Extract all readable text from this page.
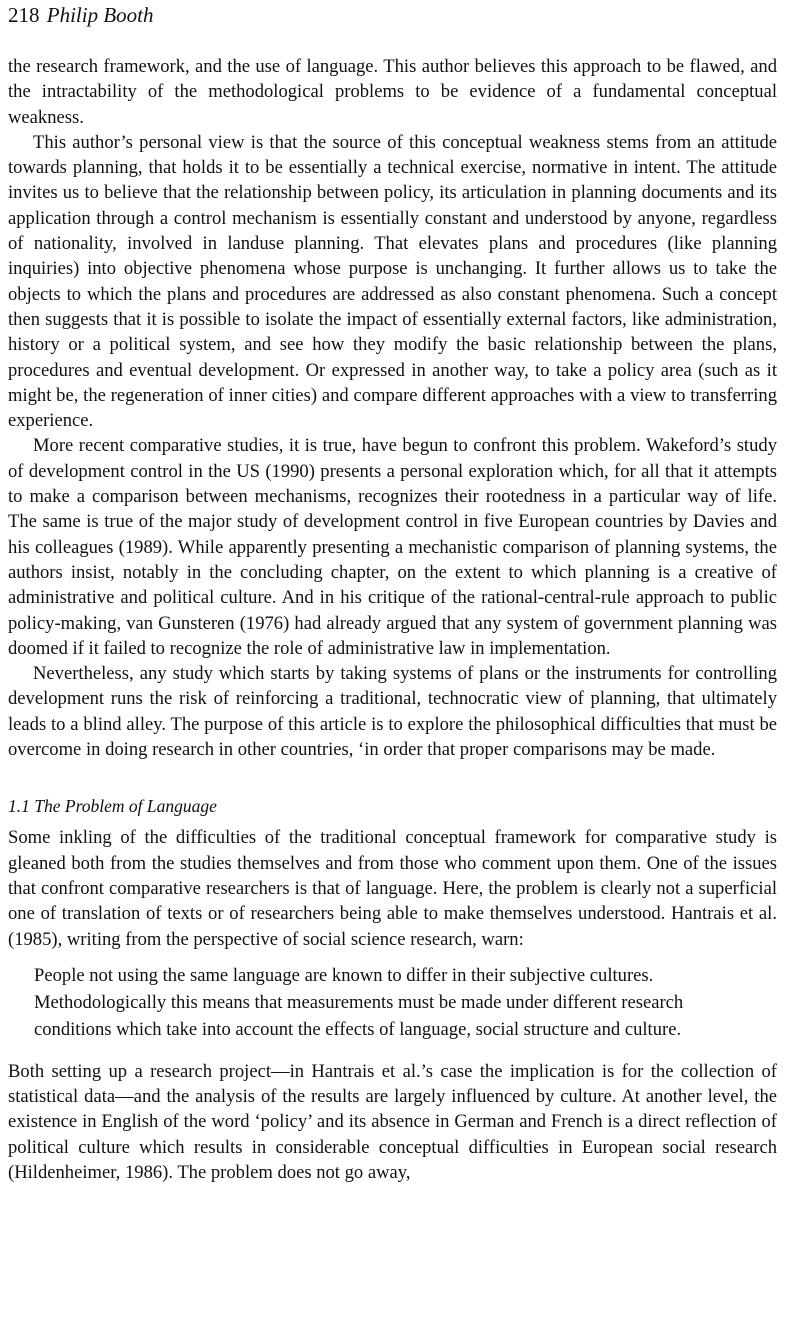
218 Philip Booth

the research framework, and the use of language. This author believes this approach to be flawed, and the intractability of the methodological problems to be evidence of a fundamental conceptual weakness.

This author’s personal view is that the source of this conceptual weakness stems from an attitude towards planning, that holds it to be essentially a technical exercise, normative in intent. The attitude invites us to believe that the relationship between policy, its articulation in planning documents and its application through a control mechanism is essentially constant and understood by anyone, regardless of nationality, involved in landuse planning. That elevates plans and procedures (like planning inquiries) into objective phenomena whose purpose is unchanging. It further allows us to take the objects to which the plans and procedures are addressed as also constant phenomena. Such a concept then suggests that it is possible to isolate the impact of essentially external factors, like administration, history or a political system, and see how they modify the basic relationship between the plans, procedures and eventual development. Or expressed in another way, to take a policy area (such as it might be, the regeneration of inner cities) and compare different approaches with a view to transferring experience.

More recent comparative studies, it is true, have begun to confront this problem. Wakeford’s study of development control in the US (1990) presents a personal exploration which, for all that it attempts to make a comparison between mechanisms, recognizes their rootedness in a particular way of life. The same is true of the major study of development control in five European countries by Davies and his colleagues (1989). While apparently presenting a mechanistic comparison of planning systems, the authors insist, notably in the concluding chapter, on the extent to which planning is a creative of administrative and political culture. And in his critique of the rational-central-rule approach to public policy-making, van Gunsteren (1976) had already argued that any system of government planning was doomed if it failed to recognize the role of administrative law in implementation.

Nevertheless, any study which starts by taking systems of plans or the instruments for controlling development runs the risk of reinforcing a traditional, technocratic view of planning, that ultimately leads to a blind alley. The purpose of this article is to explore the philosophical difficulties that must be overcome in doing research in other countries, ‘in order that proper comparisons may be made.

1.1 The Problem of Language

Some inkling of the difficulties of the traditional conceptual framework for comparative study is gleaned both from the studies themselves and from those who comment upon them. One of the issues that confront comparative researchers is that of language. Here, the problem is clearly not a superficial one of translation of texts or of researchers being able to make themselves understood. Hantrais et al. (1985), writing from the perspective of social science research, warn:

People not using the same language are known to differ in their subjective cultures. Methodologically this means that measurements must be made under different research conditions which take into account the effects of language, social structure and culture.

Both setting up a research project—in Hantrais et al.’s case the implication is for the collection of statistical data—and the analysis of the results are largely influenced by culture. At another level, the existence in English of the word ‘policy’ and its absence in German and French is a direct reflection of political culture which results in considerable conceptual difficulties in European social research (Hildenheimer, 1986). The problem does not go away,
